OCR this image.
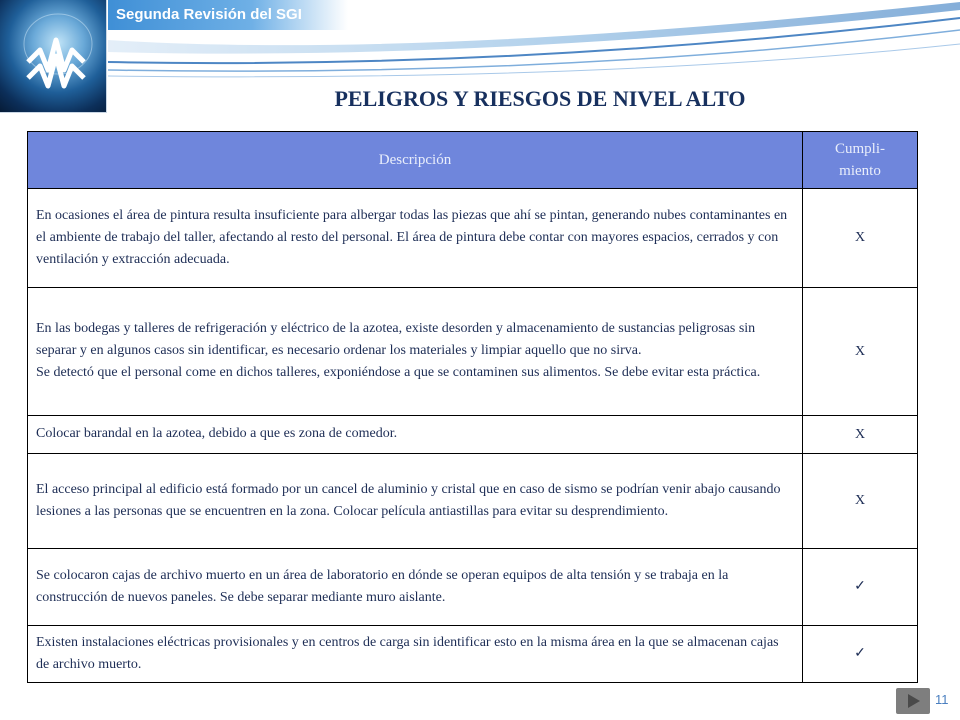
Segunda Revisión del SGI
PELIGROS Y RIESGOS DE NIVEL ALTO
Descripción	Cumpli-
miento
En ocasiones el área de pintura resulta insuficiente para albergar todas las piezas que ahí se pintan, generando nubes contaminantes en el ambiente de trabajo del taller, afectando al resto del personal. El área de pintura debe contar con mayores espacios, cerrados y con ventilación y extracción adecuada.	X

En las bodegas y talleres de refrigeración y eléctrico de la azotea, existe desorden y almacenamiento de sustancias peligrosas sin separar y en algunos casos sin identificar, es necesario ordenar los materiales y limpiar aquello que no sirva.
Se detectó que el personal come en dichos talleres, exponiéndose a que se contaminen sus alimentos. Se debe evitar esta práctica.	X
Colocar barandal en la azotea, debido a que es zona de comedor.	X
El acceso principal al edificio está formado por un cancel de aluminio y cristal que en caso de sismo se podrían venir abajo causando lesiones a las personas que se encuentren en la zona. Colocar película antiastillas para evitar su desprendimiento.	X
Se colocaron cajas de archivo muerto en un área de laboratorio en dónde se operan equipos de alta tensión y se trabaja en la construcción de nuevos paneles. Se debe separar mediante muro aislante.	✓
Existen instalaciones eléctricas provisionales y en centros de carga sin identificar esto en la misma área en la que se almacenan cajas de archivo muerto.	✓
11
